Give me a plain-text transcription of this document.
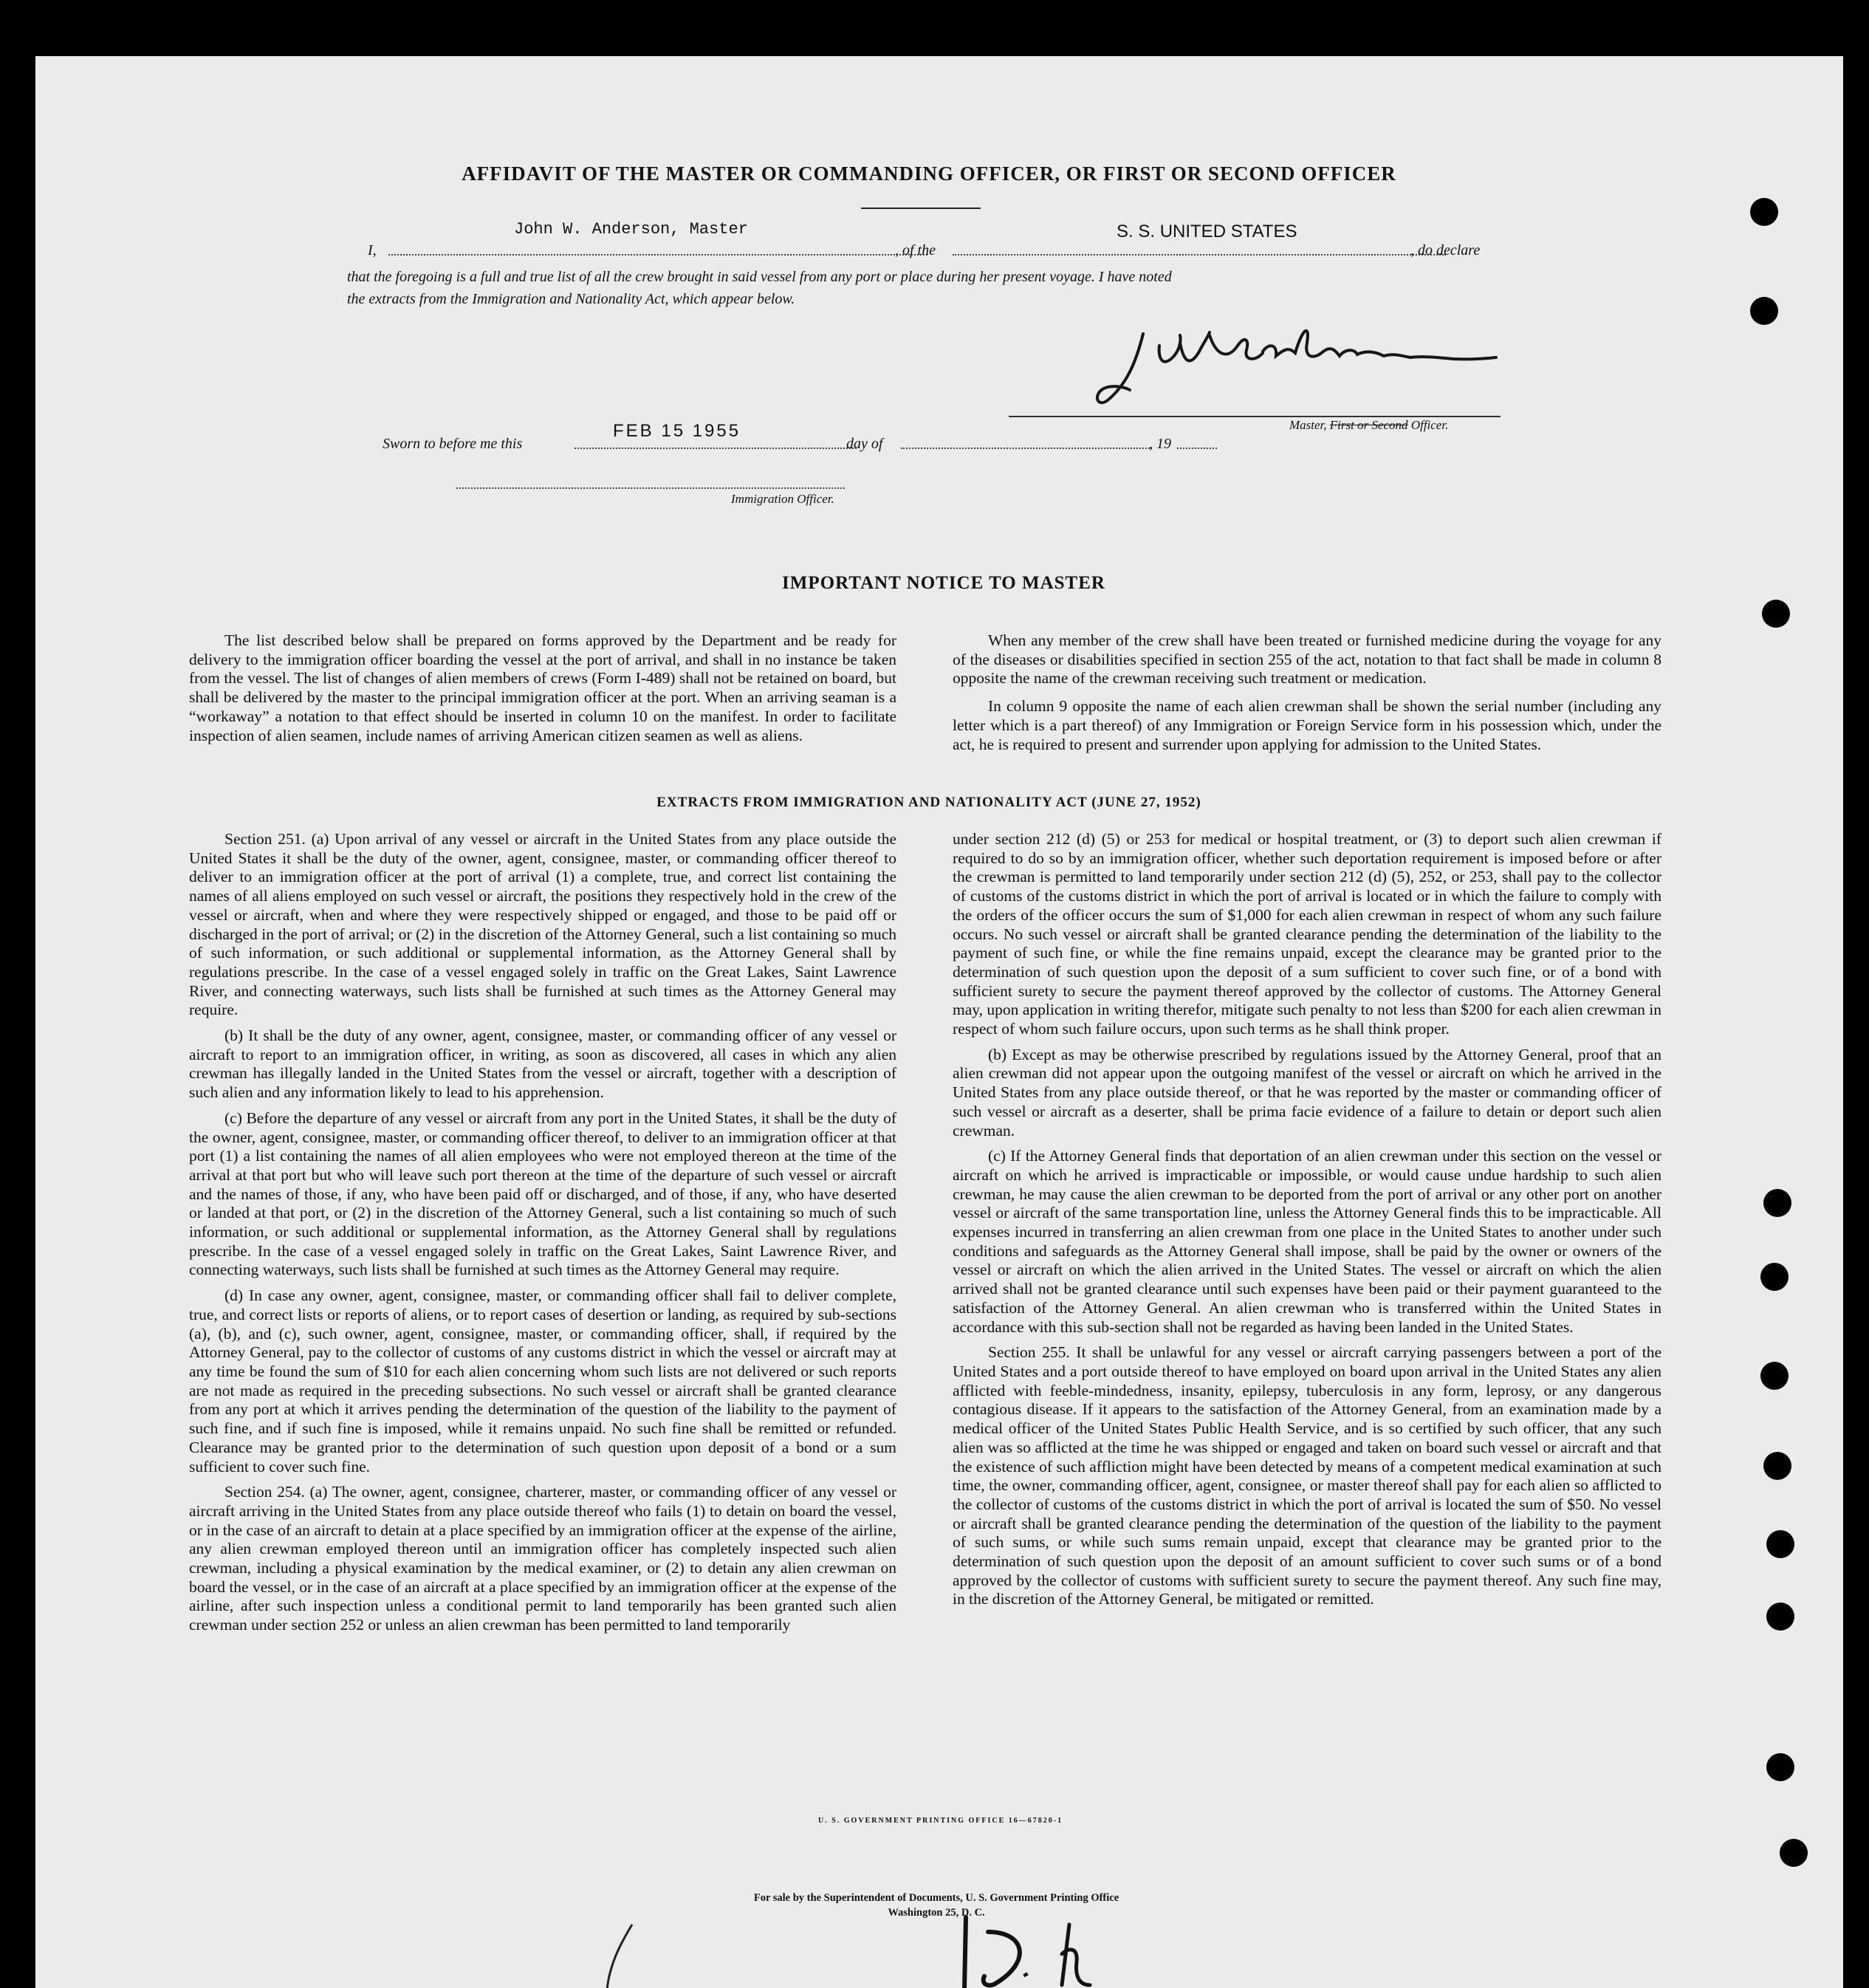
AFFIDAVIT OF THE MASTER OR COMMANDING OFFICER, OR FIRST OR SECOND OFFICER
I,
John W. Anderson, Master
, of the
S. S. UNITED STATES
, do declare
that the foregoing is a full and true list of all the crew brought in said vessel from any port or place during her present voyage. I have noted
the extracts from the Immigration and Nationality Act, which appear below.
Master, First or Second Officer.
Sworn to before me this
FEB 15 1955
day of	, 19
Immigration Officer.
IMPORTANT NOTICE TO MASTER

The list described below shall be prepared on forms approved by the Department and be ready for delivery to the immigration officer boarding the vessel at the port of arrival, and shall in no instance be taken from the vessel. The list of changes of alien members of crews (Form I-489) shall not be retained on board, but shall be delivered by the master to the principal immigration officer at the port. When an arriving seaman is a “workaway” a notation to that effect should be inserted in column 10 on the manifest. In order to facilitate inspection of alien seamen, include names of arriving American citizen seamen as well as aliens.

When any member of the crew shall have been treated or furnished medicine during the voyage for any of the diseases or disabilities specified in section 255 of the act, notation to that fact shall be made in column 8 opposite the name of the crewman receiving such treatment or medication.

In column 9 opposite the name of each alien crewman shall be shown the serial number (including any letter which is a part thereof) of any Immigration or Foreign Service form in his possession which, under the act, he is required to present and surrender upon applying for admission to the United States.

EXTRACTS FROM IMMIGRATION AND NATIONALITY ACT (JUNE 27, 1952)

Section 251. (a) Upon arrival of any vessel or aircraft in the United States from any place outside the United States it shall be the duty of the owner, agent, consignee, master, or commanding officer thereof to deliver to an immigration officer at the port of arrival (1) a complete, true, and correct list containing the names of all aliens employed on such vessel or aircraft, the positions they respectively hold in the crew of the vessel or aircraft, when and where they were respectively shipped or engaged, and those to be paid off or discharged in the port of arrival; or (2) in the discretion of the Attorney General, such a list containing so much of such information, or such additional or supplemental information, as the Attorney General shall by regulations prescribe. In the case of a vessel engaged solely in traffic on the Great Lakes, Saint Lawrence River, and connecting waterways, such lists shall be furnished at such times as the Attorney General may require.

(b) It shall be the duty of any owner, agent, consignee, master, or commanding officer of any vessel or aircraft to report to an immigration officer, in writing, as soon as discovered, all cases in which any alien crewman has illegally landed in the United States from the vessel or aircraft, together with a description of such alien and any information likely to lead to his apprehension.

(c) Before the departure of any vessel or aircraft from any port in the United States, it shall be the duty of the owner, agent, consignee, master, or commanding officer thereof, to deliver to an immigration officer at that port (1) a list containing the names of all alien employees who were not employed thereon at the time of the arrival at that port but who will leave such port thereon at the time of the departure of such vessel or aircraft and the names of those, if any, who have been paid off or discharged, and of those, if any, who have deserted or landed at that port, or (2) in the discretion of the Attorney General, such a list containing so much of such information, or such additional or supplemental information, as the Attorney General shall by regulations prescribe. In the case of a vessel engaged solely in traffic on the Great Lakes, Saint Lawrence River, and connecting waterways, such lists shall be furnished at such times as the Attorney General may require.

(d) In case any owner, agent, consignee, master, or commanding officer shall fail to deliver complete, true, and correct lists or reports of aliens, or to report cases of desertion or landing, as required by sub-sections (a), (b), and (c), such owner, agent, consignee, master, or commanding officer, shall, if required by the Attorney General, pay to the collector of customs of any customs district in which the vessel or aircraft may at any time be found the sum of $10 for each alien concerning whom such lists are not delivered or such reports are not made as required in the preceding subsections. No such vessel or aircraft shall be granted clearance from any port at which it arrives pending the determination of the question of the liability to the payment of such fine, and if such fine is imposed, while it remains unpaid. No such fine shall be remitted or refunded. Clearance may be granted prior to the determination of such question upon deposit of a bond or a sum sufficient to cover such fine.

Section 254. (a) The owner, agent, consignee, charterer, master, or commanding officer of any vessel or aircraft arriving in the United States from any place outside thereof who fails (1) to detain on board the vessel, or in the case of an aircraft to detain at a place specified by an immigration officer at the expense of the airline, any alien crewman employed thereon until an immigration officer has completely inspected such alien crewman, including a physical examination by the medical examiner, or (2) to detain any alien crewman on board the vessel, or in the case of an aircraft at a place specified by an immigration officer at the expense of the airline, after such inspection unless a conditional permit to land temporarily has been granted such alien crewman under section 252 or unless an alien crewman has been permitted to land temporarily

under section 212 (d) (5) or 253 for medical or hospital treatment, or (3) to deport such alien crewman if required to do so by an immigration officer, whether such deportation requirement is imposed before or after the crewman is permitted to land temporarily under section 212 (d) (5), 252, or 253, shall pay to the collector of customs of the customs district in which the port of arrival is located or in which the failure to comply with the orders of the officer occurs the sum of $1,000 for each alien crewman in respect of whom any such failure occurs. No such vessel or aircraft shall be granted clearance pending the determination of the liability to the payment of such fine, or while the fine remains unpaid, except the clearance may be granted prior to the determination of such question upon the deposit of a sum sufficient to cover such fine, or of a bond with sufficient surety to secure the payment thereof approved by the collector of customs. The Attorney General may, upon application in writing therefor, mitigate such penalty to not less than $200 for each alien crewman in respect of whom such failure occurs, upon such terms as he shall think proper.

(b) Except as may be otherwise prescribed by regulations issued by the Attorney General, proof that an alien crewman did not appear upon the outgoing manifest of the vessel or aircraft on which he arrived in the United States from any place outside thereof, or that he was reported by the master or commanding officer of such vessel or aircraft as a deserter, shall be prima facie evidence of a failure to detain or deport such alien crewman.

(c) If the Attorney General finds that deportation of an alien crewman under this section on the vessel or aircraft on which he arrived is impracticable or impossible, or would cause undue hardship to such alien crewman, he may cause the alien crewman to be deported from the port of arrival or any other port on another vessel or aircraft of the same transportation line, unless the Attorney General finds this to be impracticable. All expenses incurred in transferring an alien crewman from one place in the United States to another under such conditions and safeguards as the Attorney General shall impose, shall be paid by the owner or owners of the vessel or aircraft on which the alien arrived in the United States. The vessel or aircraft on which the alien arrived shall not be granted clearance until such expenses have been paid or their payment guaranteed to the satisfaction of the Attorney General. An alien crewman who is transferred within the United States in accordance with this sub-section shall not be regarded as having been landed in the United States.

Section 255. It shall be unlawful for any vessel or aircraft carrying passengers between a port of the United States and a port outside thereof to have employed on board upon arrival in the United States any alien afflicted with feeble-mindedness, insanity, epilepsy, tuberculosis in any form, leprosy, or any dangerous contagious disease. If it appears to the satisfaction of the Attorney General, from an examination made by a medical officer of the United States Public Health Service, and is so certified by such officer, that any such alien was so afflicted at the time he was shipped or engaged and taken on board such vessel or aircraft and that the existence of such affliction might have been detected by means of a competent medical examination at such time, the owner, commanding officer, agent, consignee, or master thereof shall pay for each alien so afflicted to the collector of customs of the customs district in which the port of arrival is located the sum of $50. No vessel or aircraft shall be granted clearance pending the determination of the question of the liability to the payment of such sums, or while such sums remain unpaid, except that clearance may be granted prior to the determination of such question upon the deposit of an amount sufficient to cover such sums or of a bond approved by the collector of customs with sufficient surety to secure the payment thereof. Any such fine may, in the discretion of the Attorney General, be mitigated or remitted.

U. S. GOVERNMENT PRINTING OFFICE 16—67820-1
For sale by the Superintendent of Documents, U. S. Government Printing Office
Washington 25, D. C.
